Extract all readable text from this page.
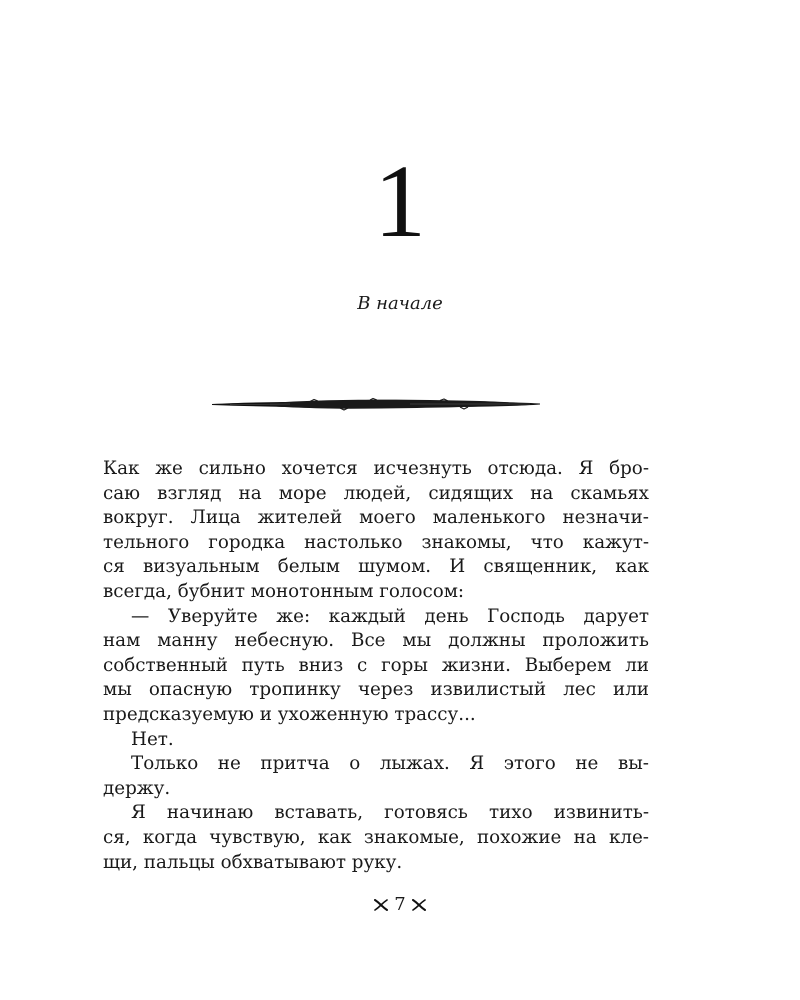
1
В начале
Как же сильно хочется исчезнуть отсюда. Я бро-
саю взгляд на море людей, сидящих на скамьях
вокруг. Лица жителей моего маленького незначи-
тельного городка настолько знакомы, что кажут-
ся визуальным белым шумом. И священник, как
всегда, бубнит монотонным голосом:
— Уверуйте же: каждый день Господь дарует
нам манну небесную. Все мы должны проложить
собственный путь вниз с горы жизни. Выберем ли
мы опасную тропинку через извилистый лес или
предсказуемую и ухоженную трассу...
Нет.
Только не притча о лыжах. Я этого не вы-
держу.
Я начинаю вставать, готовясь тихо извинить-
ся, когда чувствую, как знакомые, похожие на кле-
щи, пальцы обхватывают руку.
7
